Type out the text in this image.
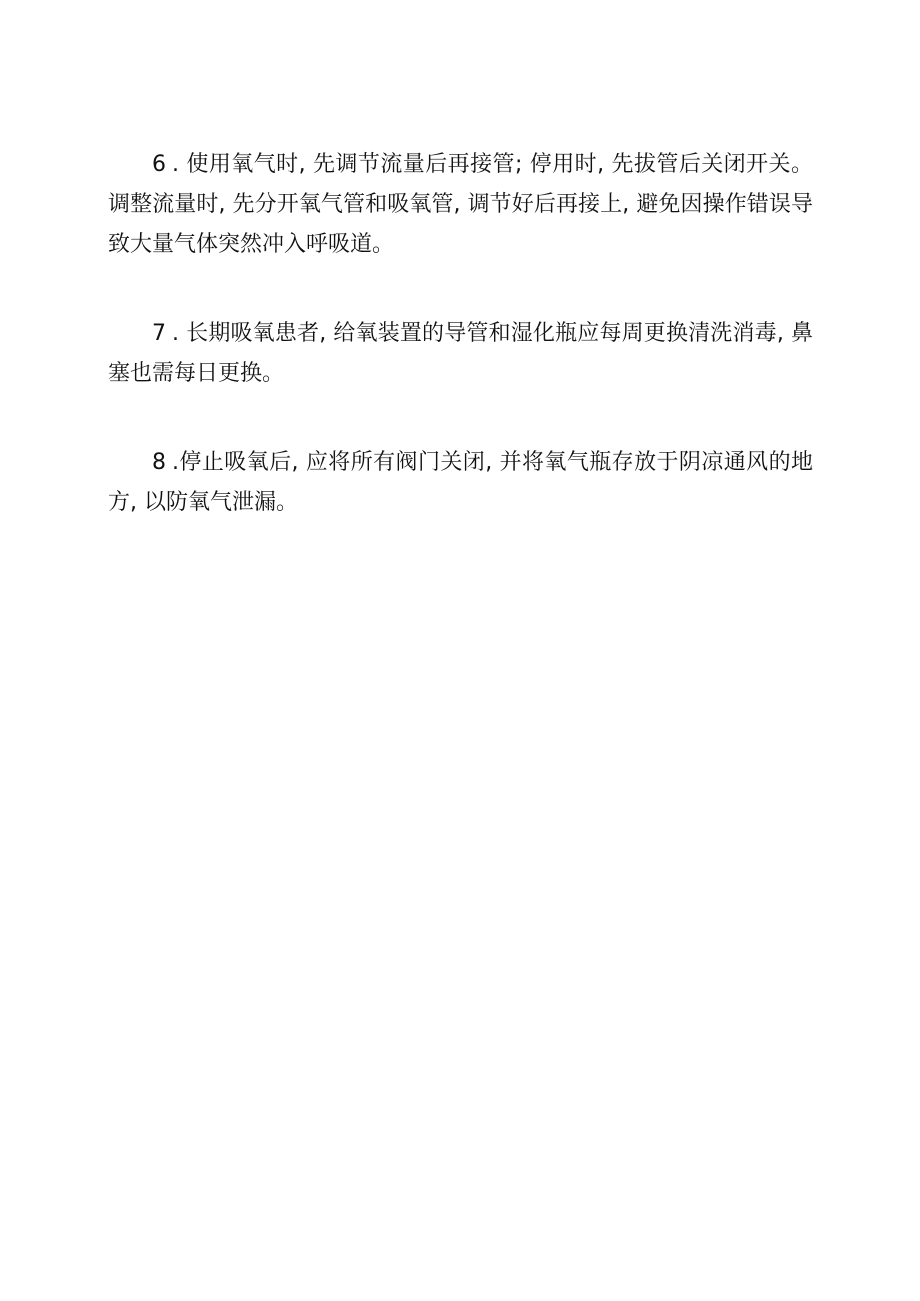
6 . 使用氧气时, 先调节流量后再接管; 停用时, 先拔管后关闭开关。调整流量时, 先分开氧气管和吸氧管, 调节好后再接上, 避免因操作错误导致大量气体突然冲入呼吸道。

7 . 长期吸氧患者, 给氧装置的导管和湿化瓶应每周更换清洗消毒, 鼻塞也需每日更换。

8 .停止吸氧后, 应将所有阀门关闭, 并将氧气瓶存放于阴凉通风的地方, 以防氧气泄漏。
